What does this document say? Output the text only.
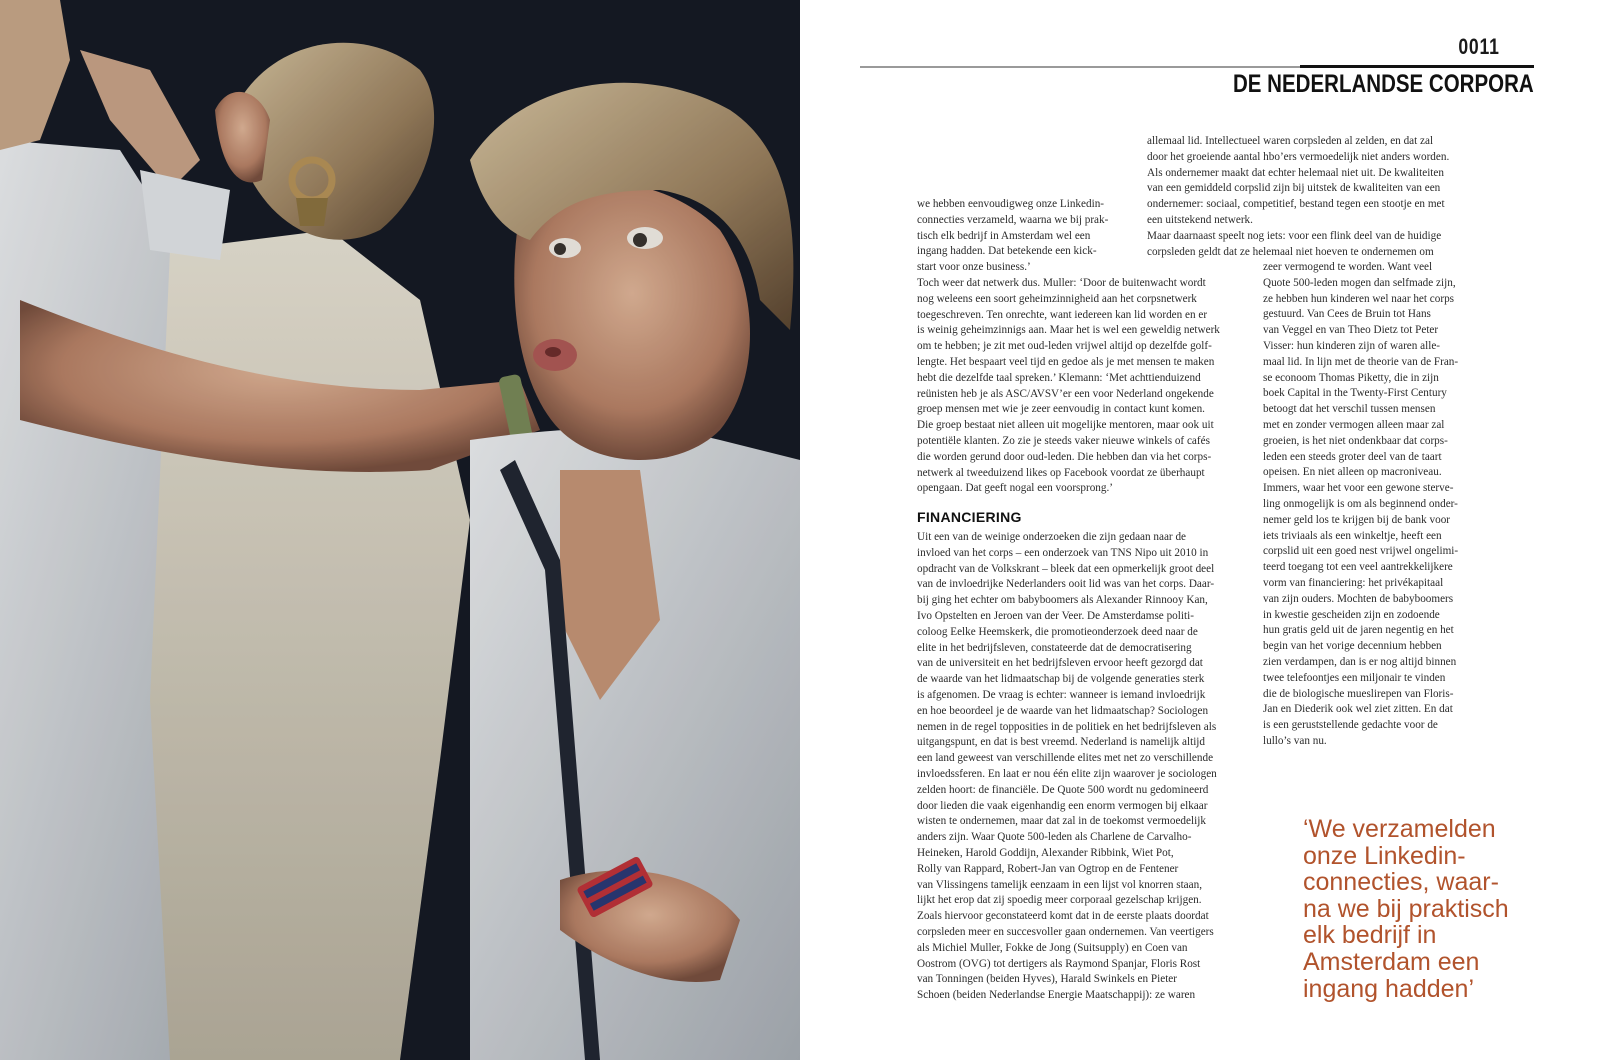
0011
DE NEDERLANDSE CORPORA
we hebben eenvoudigweg onze Linkedin-
connecties verzameld, waarna we bij prak-
tisch elk bedrijf in Amsterdam wel een
ingang hadden. Dat betekende een kick-
start voor onze business.’
Toch weer dat netwerk dus. Muller: ‘Door de buitenwacht wordt
nog weleens een soort geheimzinnigheid aan het corpsnetwerk
toegeschreven. Ten onrechte, want iedereen kan lid worden en er
is weinig geheimzinnigs aan. Maar het is wel een geweldig netwerk
om te hebben; je zit met oud-leden vrijwel altijd op dezelfde golf-
lengte. Het bespaart veel tijd en gedoe als je met mensen te maken
hebt die dezelfde taal spreken.’ Klemann: ‘Met achttienduizend
reünisten heb je als ASC/AVSV’er een voor Nederland ongekende
groep mensen met wie je zeer eenvoudig in contact kunt komen.
Die groep bestaat niet alleen uit mogelijke mentoren, maar ook uit
potentiële klanten. Zo zie je steeds vaker nieuwe winkels of cafés
die worden gerund door oud-leden. Die hebben dan via het corps-
netwerk al tweeduizend likes op Facebook voordat ze überhaupt
opengaan. Dat geeft nogal een voorsprong.’
FINANCIERING
Uit een van de weinige onderzoeken die zijn gedaan naar de
invloed van het corps – een onderzoek van TNS Nipo uit 2010 in
opdracht van de Volkskrant – bleek dat een opmerkelijk groot deel
van de invloedrijke Nederlanders ooit lid was van het corps. Daar-
bij ging het echter om babyboomers als Alexander Rinnooy Kan,
Ivo Opstelten en Jeroen van der Veer. De Amsterdamse politi-
coloog Eelke Heemskerk, die promotieonderzoek deed naar de
elite in het bedrijfsleven, constateerde dat de democratisering
van de universiteit en het bedrijfsleven ervoor heeft gezorgd dat
de waarde van het lidmaatschap bij de volgende generaties sterk
is afgenomen. De vraag is echter: wanneer is iemand invloedrijk
en hoe beoordeel je de waarde van het lidmaatschap? Sociologen
nemen in de regel topposities in de politiek en het bedrijfsleven als
uitgangspunt, en dat is best vreemd. Nederland is namelijk altijd
een land geweest van verschillende elites met net zo verschillende
invloedssferen. En laat er nou één elite zijn waarover je sociologen
zelden hoort: de financiële. De Quote 500 wordt nu gedomineerd
door lieden die vaak eigenhandig een enorm vermogen bij elkaar
wisten te ondernemen, maar dat zal in de toekomst vermoedelijk
anders zijn. Waar Quote 500-leden als Charlene de Carvalho-
Heineken, Harold Goddijn, Alexander Ribbink, Wiet Pot,
Rolly van Rappard, Robert-Jan van Ogtrop en de Fentener
van Vlissingens tamelijk eenzaam in een lijst vol knorren staan,
lijkt het erop dat zij spoedig meer corporaal gezelschap krijgen.
Zoals hiervoor geconstateerd komt dat in de eerste plaats doordat
corpsleden meer en succesvoller gaan ondernemen. Van veertigers
als Michiel Muller, Fokke de Jong (Suitsupply) en Coen van
Oostrom (OVG) tot dertigers als Raymond Spanjar, Floris Rost
van Tonningen (beiden Hyves), Harald Swinkels en Pieter
Schoen (beiden Nederlandse Energie Maatschappij): ze waren
allemaal lid. Intellectueel waren corpsleden al zelden, en dat zal
door het groeiende aantal hbo’ers vermoedelijk niet anders worden.
Als ondernemer maakt dat echter helemaal niet uit. De kwaliteiten
van een gemiddeld corpslid zijn bij uitstek de kwaliteiten van een
ondernemer: sociaal, competitief, bestand tegen een stootje en met
een uitstekend netwerk.
Maar daarnaast speelt nog iets: voor een flink deel van de huidige
corpsleden geldt dat ze helemaal niet hoeven te ondernemen om
zeer vermogend te worden. Want veel
Quote 500-leden mogen dan selfmade zijn,
ze hebben hun kinderen wel naar het corps
gestuurd. Van Cees de Bruin tot Hans
van Veggel en van Theo Dietz tot Peter
Visser: hun kinderen zijn of waren alle-
maal lid. In lijn met de theorie van de Fran-
se econoom Thomas Piketty, die in zijn
boek Capital in the Twenty-First Century
betoogt dat het verschil tussen mensen
met en zonder vermogen alleen maar zal
groeien, is het niet ondenkbaar dat corps-
leden een steeds groter deel van de taart
opeisen. En niet alleen op macroniveau.
Immers, waar het voor een gewone sterve-
ling onmogelijk is om als beginnend onder-
nemer geld los te krijgen bij de bank voor
iets triviaals als een winkeltje, heeft een
corpslid uit een goed nest vrijwel ongelimi-
teerd toegang tot een veel aantrekkelijkere
vorm van financiering: het privékapitaal
van zijn ouders. Mochten de babyboomers
in kwestie gescheiden zijn en zodoende
hun gratis geld uit de jaren negentig en het
begin van het vorige decennium hebben
zien verdampen, dan is er nog altijd binnen
twee telefoontjes een miljonair te vinden
die de biologische mueslirepen van Floris-
Jan en Diederik ook wel ziet zitten. En dat
is een geruststellende gedachte voor de
lullo’s van nu.
‘We verzamelden
onze Linkedin-
connecties, waar-
na we bij praktisch
elk bedrijf in
Amsterdam een
ingang hadden’
